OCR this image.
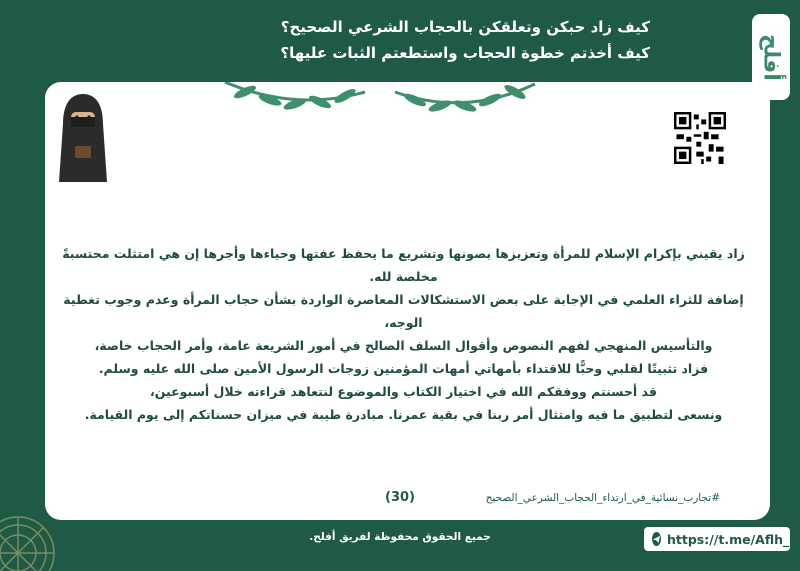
كيف زاد حبكن وتعلقكن بالحجاب الشرعي الصحيح؟
كيف أخذتم خطوة الحجاب واستطعتم الثبات عليها؟	أفلح
زاد يقيني بإكرام الإسلام للمرأة وتعزيزها بصونها وتشريع ما يحفظ عفتها وحياءها وأجرها إن هي امتثلت محتسبةً مخلصة لله.
إضافة للثراء العلمي في الإجابة على بعض الاستشكالات المعاصرة الواردة بشأن حجاب المرأة وعدم وجوب تغطية الوجه،
والتأسيس المنهجي لفهم النصوص وأقوال السلف الصالح في أمور الشريعة عامة، وأمر الحجاب خاصة،
فزاد تثبيتًا لقلبي وحبًّا للاقتداء بأمهاتي أمهات المؤمنين زوجات الرسول الأمين صلى الله عليه وسلم.
قد أحسنتم ووفقكم الله في اختيار الكتاب والموضوع لنتعاهد قراءته خلال أسبوعين،
ونسعى لتطبيق ما فيه وامتثال أمر ربنا في بقية عمرنا. مبادرة طيبة في ميزان حسناتكم إلى يوم القيامة.
(30)	#تجارب_نسائية_في_ارتداء_الحجاب_الشرعي_الصحيح
جميع الحقوق محفوظة لفريق أفلح.	https://t.me/Aflh_1
